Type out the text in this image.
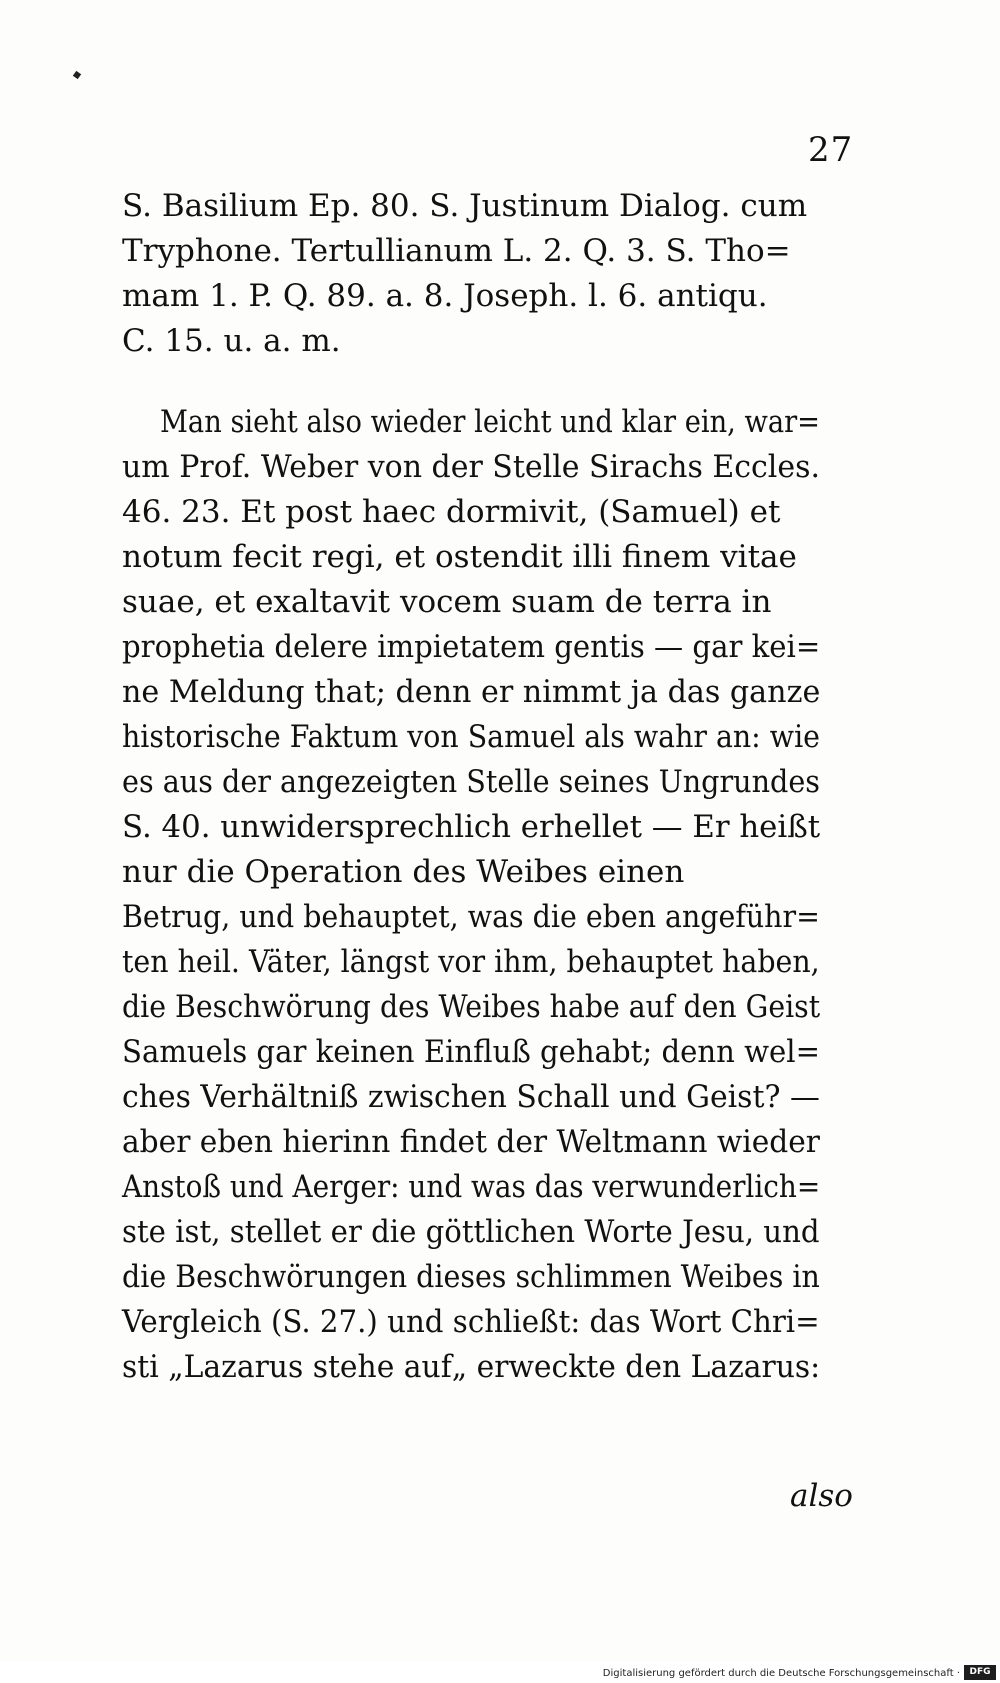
27
S. Basilium Ep. 80. S. Justinum Dialog. cum
Tryphone. Tertullianum L. 2. Q. 3. S. Tho=
mam 1. P. Q. 89. a. 8. Joseph. l. 6. antiqu.
C. 15. u. a. m.
Man sieht also wieder leicht und klar ein, war=
um Prof. Weber von der Stelle Sirachs Eccles.
46. 23. Et post haec dormivit, (Samuel) et
notum fecit regi, et ostendit illi finem vitae
suae, et exaltavit vocem suam de terra in
prophetia delere impietatem gentis — gar kei=
ne Meldung that; denn er nimmt ja das ganze
historische Faktum von Samuel als wahr an: wie
es aus der angezeigten Stelle seines Ungrundes
S. 40. unwidersprechlich erhellet — Er heißt
nur die Operation des Weibes einen
Betrug, und behauptet, was die eben angeführ=
ten heil. Väter, längst vor ihm, behauptet haben,
die Beschwörung des Weibes habe auf den Geist
Samuels gar keinen Einfluß gehabt; denn wel=
ches Verhältniß zwischen Schall und Geist? —
aber eben hierinn findet der Weltmann wieder
Anstoß und Aerger: und was das verwunderlich=
ste ist, stellet er die göttlichen Worte Jesu, und
die Beschwörungen dieses schlimmen Weibes in
Vergleich (S. 27.) und schließt: das Wort Chri=
sti „Lazarus stehe auf„ erweckte den Lazarus:
also
Digitalisierung gefördert durch die Deutsche Forschungsgemeinschaft ·	DFG
